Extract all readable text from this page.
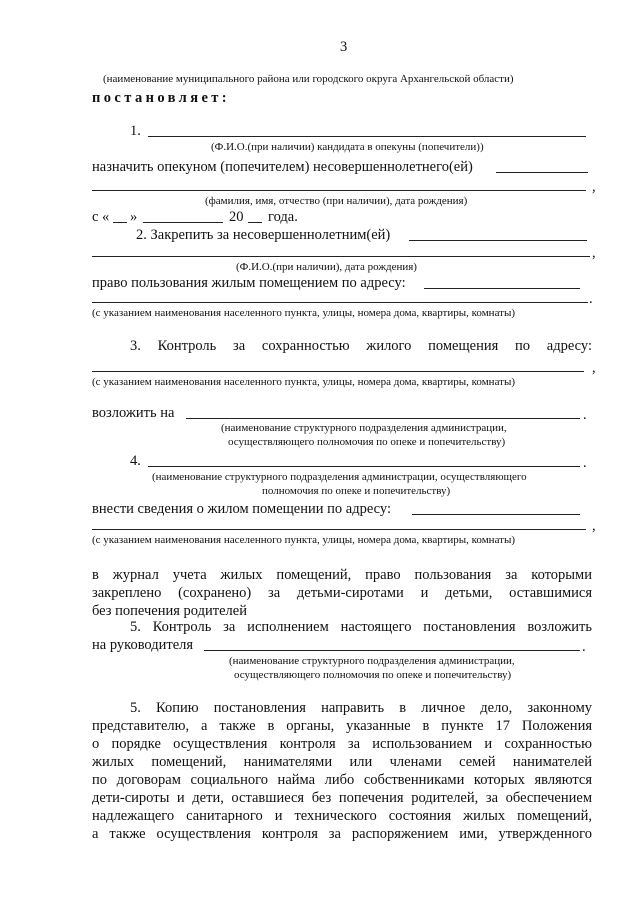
3
(наименование муниципального района или городского округа Архангельской области)
постановляет:
1.
(Ф.И.О.(при наличии) кандидата в опекуны (попечители))
назначить опекуном (попечителем) несовершеннолетнего(ей)
,
(фамилия, имя, отчество (при наличии), дата рождения)
с « »	20 года.
2. Закрепить за несовершеннолетним(ей)
,
(Ф.И.О.(при наличии), дата рождения)
право пользования жилым помещением по адресу:
.
(с указанием наименования населенного пункта, улицы, номера дома, квартиры, комнаты)
3. Контроль за сохранностью жилого помещения по адресу:
,
(с указанием наименования населенного пункта, улицы, номера дома, квартиры, комнаты)
возложить на	.
(наименование структурного подразделения администрации,
осуществляющего полномочия по опеке и попечительству)
4.	.
(наименование структурного подразделения администрации, осуществляющего
полномочия по опеке и попечительству)
внести сведения о жилом помещении по адресу:
,
(с указанием наименования населенного пункта, улицы, номера дома, квартиры, комнаты)
в журнал учета жилых помещений, право пользования за которыми
закреплено (сохранено) за детьми-сиротами и детьми, оставшимися
без попечения родителей
5. Контроль за исполнением настоящего постановления возложить
на руководителя	.
(наименование структурного подразделения администрации,
осуществляющего полномочия по опеке и попечительству)
5. Копию постановления направить в личное дело, законному
представителю, а также в органы, указанные в пункте 17 Положения
о порядке осуществления контроля за использованием и сохранностью
жилых помещений, нанимателями или членами семей нанимателей
по договорам социального найма либо собственниками которых являются
дети-сироты и дети, оставшиеся без попечения родителей, за обеспечением
надлежащего санитарного и технического состояния жилых помещений,
а также осуществления контроля за распоряжением ими, утвержденного
